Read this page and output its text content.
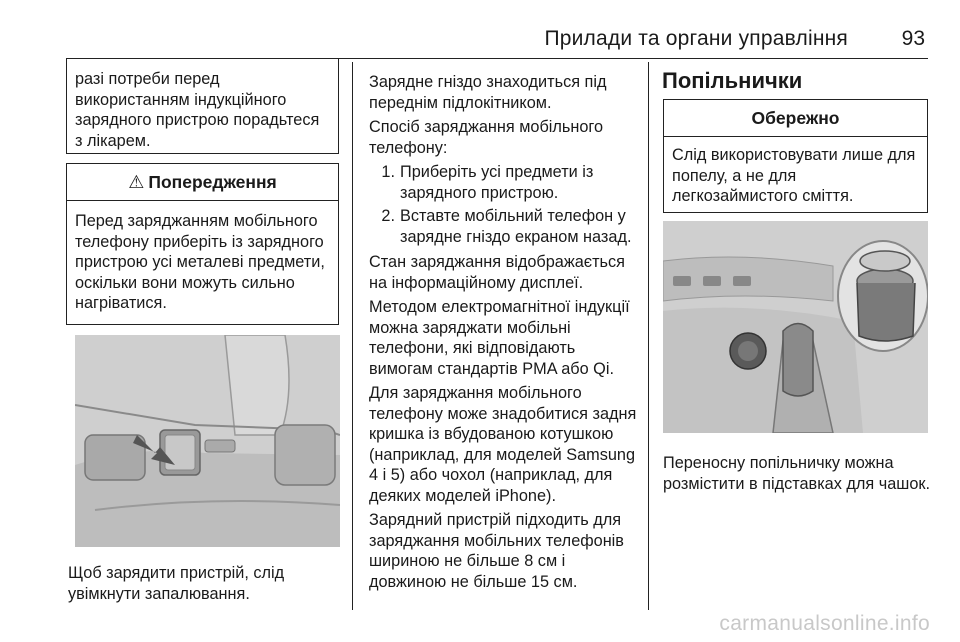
Прилади та органи управління	93
разі потреби перед використанням індукційного зарядного пристрою порадьтеся з лікарем.
⚠ Попередження
Перед заряджанням мобільного телефону приберіть із зарядного пристрою усі металеві предмети, оскільки вони можуть сильно нагріватися.
Щоб зарядити пристрій, слід увімкнути запалювання.

Зарядне гніздо знаходиться під переднім підлокітником.

Спосіб заряджання мобільного телефону:

1. Приберіть усі предмети із зарядного пристрою.
2. Вставте мобільний телефон у зарядне гніздо екраном назад.

Стан заряджання відображається на інформаційному дисплеї.

Методом електромагнітної індукції можна заряджати мобільні телефони, які відповідають вимогам стандартів PMA або Qi.

Для заряджання мобільного телефону може знадобитися задня кришка із вбудованою котушкою (наприклад, для моделей Samsung 4 і 5) або чохол (наприклад, для деяких моделей iPhone).

Зарядний пристрій підходить для заряджання мобільних телефонів шириною не більше 8 см і довжиною не більше 15 см.

Попільнички
Обережно
Слід використовувати лише для попелу, а не для легкозаймистого сміття.
Переносну попільничку можна розмістити в підставках для чашок.
carmanualsonline.info
